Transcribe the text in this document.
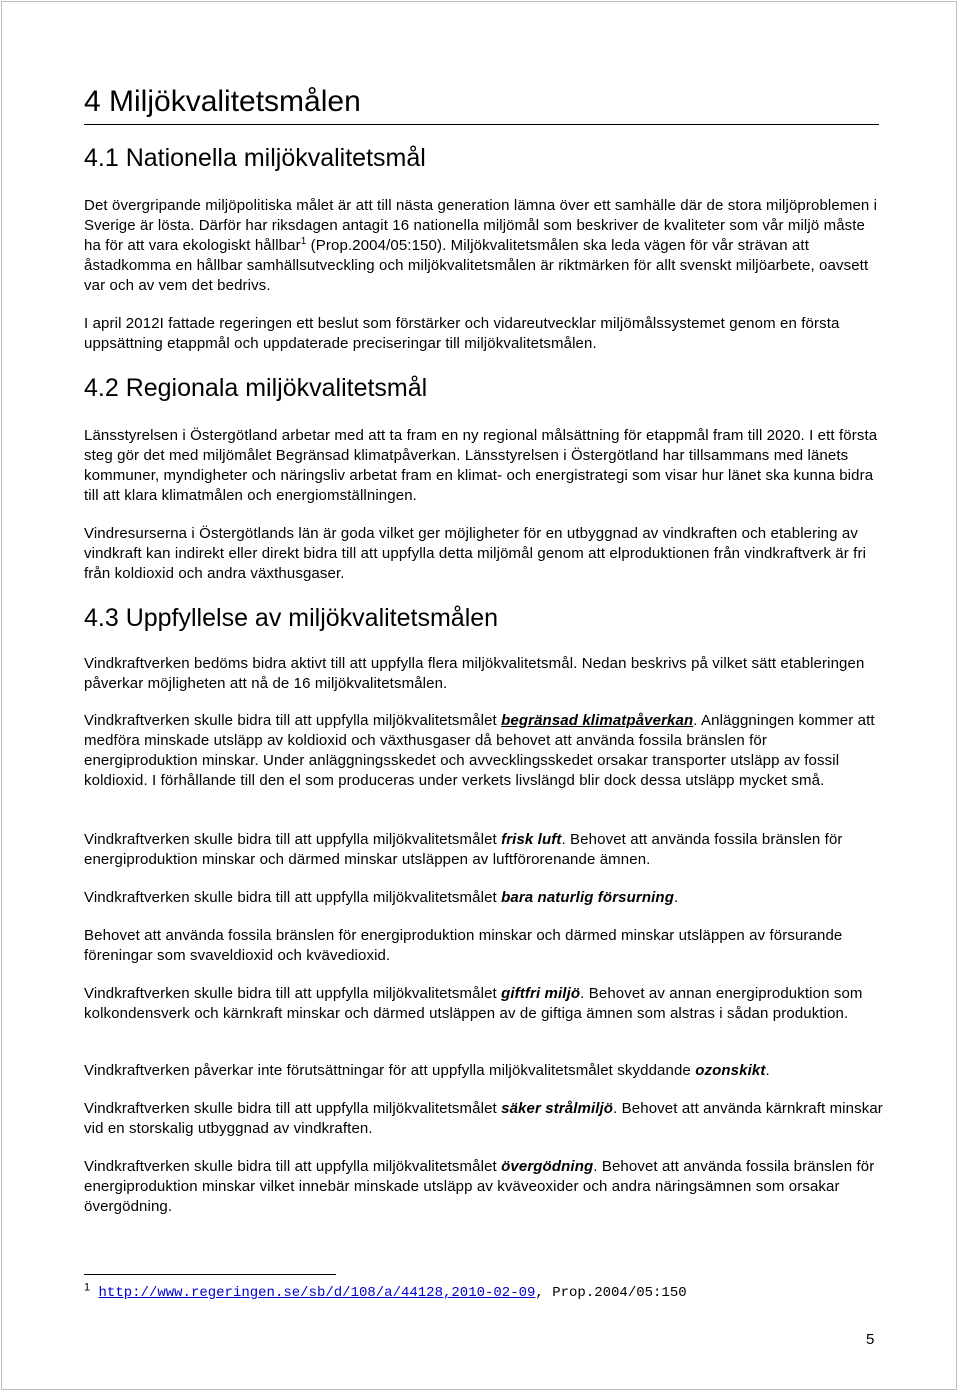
4 Miljökvalitetsmålen
4.1 Nationella miljökvalitetsmål

Det övergripande miljöpolitiska målet är att till nästa generation lämna över ett samhälle där de stora miljöproblemen i Sverige är lösta. Därför har riksdagen antagit 16 nationella miljömål som beskriver de kvaliteter som vår miljö måste ha för att vara ekologiskt hållbar$^1$ (Prop.2004/05:150). Miljökvalitetsmålen ska leda vägen för vår strävan att åstadkomma en hållbar samhällsutveckling och miljökvalitetsmålen är riktmärken för allt svenskt miljöarbete, oavsett var och av vem det bedrivs.

I april 2012I fattade regeringen ett beslut som förstärker och vidareutvecklar miljömålssystemet genom en första uppsättning etappmål och uppdaterade preciseringar till miljökvalitetsmålen.

4.2 Regionala miljökvalitetsmål

Länsstyrelsen i Östergötland arbetar med att ta fram en ny regional målsättning för etappmål fram till 2020. I ett första steg gör det med miljömålet Begränsad klimatpåverkan. Länsstyrelsen i Östergötland har tillsammans med länets kommuner, myndigheter och näringsliv arbetat fram en klimat- och energistrategi som visar hur länet ska kunna bidra till att klara klimatmålen och energiomställningen.

Vindresurserna i Östergötlands län är goda vilket ger möjligheter för en utbyggnad av vindkraften och etablering av vindkraft kan indirekt eller direkt bidra till att uppfylla detta miljömål genom att elproduktionen från vindkraftverk är fri från koldioxid och andra växthusgaser.

4.3 Uppfyllelse av miljökvalitetsmålen

Vindkraftverken bedöms bidra aktivt till att uppfylla flera miljökvalitetsmål. Nedan beskrivs på vilket sätt etableringen påverkar möjligheten att nå de 16 miljökvalitetsmålen.

Vindkraftverken skulle bidra till att uppfylla miljökvalitetsmålet begränsad klimatpåverkan. Anläggningen kommer att medföra minskade utsläpp av koldioxid och växthusgaser då behovet att använda fossila bränslen för energiproduktion minskar. Under anläggningsskedet och avvecklingsskedet orsakar transporter utsläpp av fossil koldioxid. I förhållande till den el som produceras under verkets livslängd blir dock dessa utsläpp mycket små.

Vindkraftverken skulle bidra till att uppfylla miljökvalitetsmålet frisk luft. Behovet att använda fossila bränslen för energiproduktion minskar och därmed minskar utsläppen av luftförorenande ämnen.

Vindkraftverken skulle bidra till att uppfylla miljökvalitetsmålet bara naturlig försurning.

Behovet att använda fossila bränslen för energiproduktion minskar och därmed minskar utsläppen av försurande föreningar som svaveldioxid och kvävedioxid.

Vindkraftverken skulle bidra till att uppfylla miljökvalitetsmålet giftfri miljö. Behovet av annan energiproduktion som kolkondensverk och kärnkraft minskar och därmed utsläppen av de giftiga ämnen som alstras i sådan produktion.

Vindkraftverken påverkar inte förutsättningar för att uppfylla miljökvalitetsmålet skyddande ozonskikt.

Vindkraftverken skulle bidra till att uppfylla miljökvalitetsmålet säker strålmiljö. Behovet att använda kärnkraft minskar vid en storskalig utbyggnad av vindkraften.

Vindkraftverken skulle bidra till att uppfylla miljökvalitetsmålet övergödning. Behovet att använda fossila bränslen för energiproduktion minskar vilket innebär minskade utsläpp av kväveoxider och andra näringsämnen som orsakar övergödning.

$^1$ http://www.regeringen.se/sb/d/108/a/44128,2010-02-09, Prop.2004/05:150
5
